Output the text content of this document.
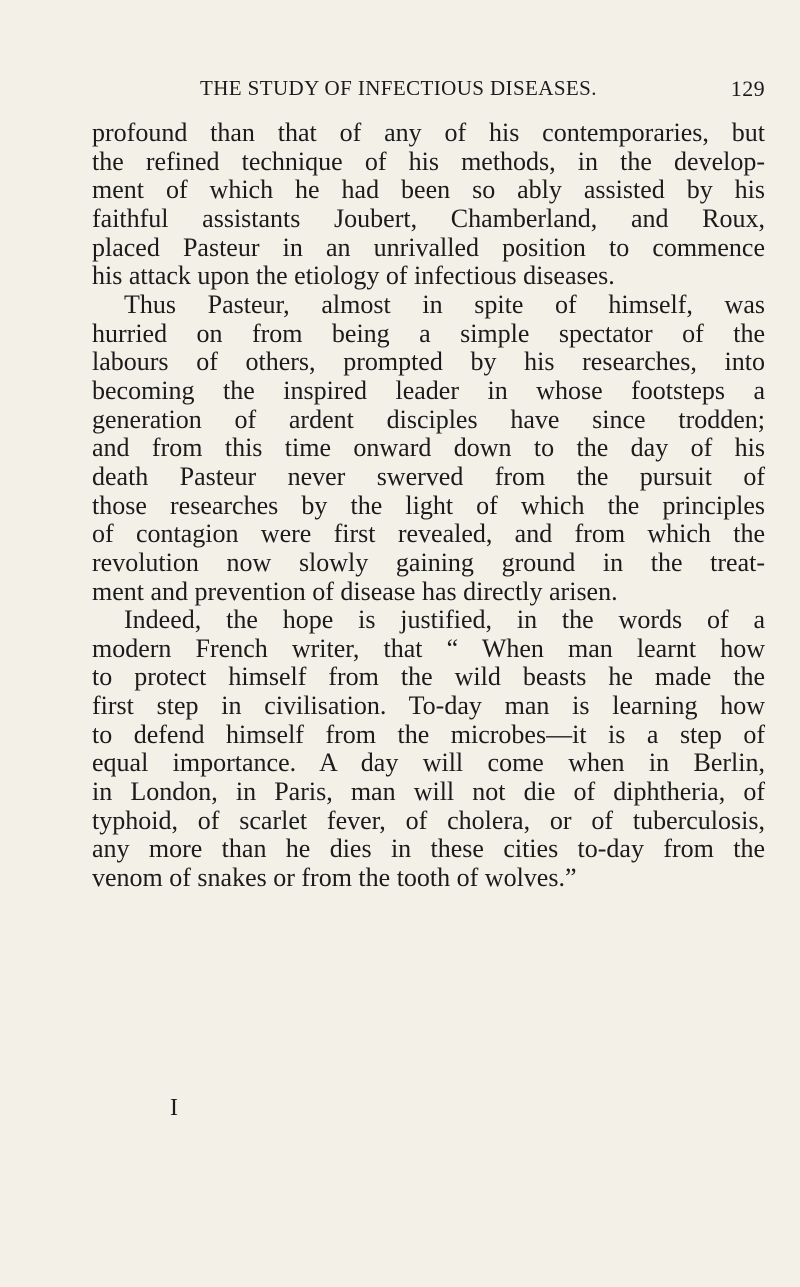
THE STUDY OF INFECTIOUS DISEASES.	129
profound than that of any of his contemporaries, but
the refined technique of his methods, in the develop-
ment of which he had been so ably assisted by his
faithful assistants Joubert, Chamberland, and Roux,
placed Pasteur in an unrivalled position to commence
his attack upon the etiology of infectious diseases.
Thus Pasteur, almost in spite of himself, was
hurried on from being a simple spectator of the
labours of others, prompted by his researches, into
becoming the inspired leader in whose footsteps a
generation of ardent disciples have since trodden;
and from this time onward down to the day of his
death Pasteur never swerved from the pursuit of
those researches by the light of which the principles
of contagion were first revealed, and from which the
revolution now slowly gaining ground in the treat-
ment and prevention of disease has directly arisen.
Indeed, the hope is justified, in the words of a
modern French writer, that “ When man learnt how
to protect himself from the wild beasts he made the
first step in civilisation. To-day man is learning how
to defend himself from the microbes—it is a step of
equal importance. A day will come when in Berlin,
in London, in Paris, man will not die of diphtheria, of
typhoid, of scarlet fever, of cholera, or of tuberculosis,
any more than he dies in these cities to-day from the
venom of snakes or from the tooth of wolves.”
I
